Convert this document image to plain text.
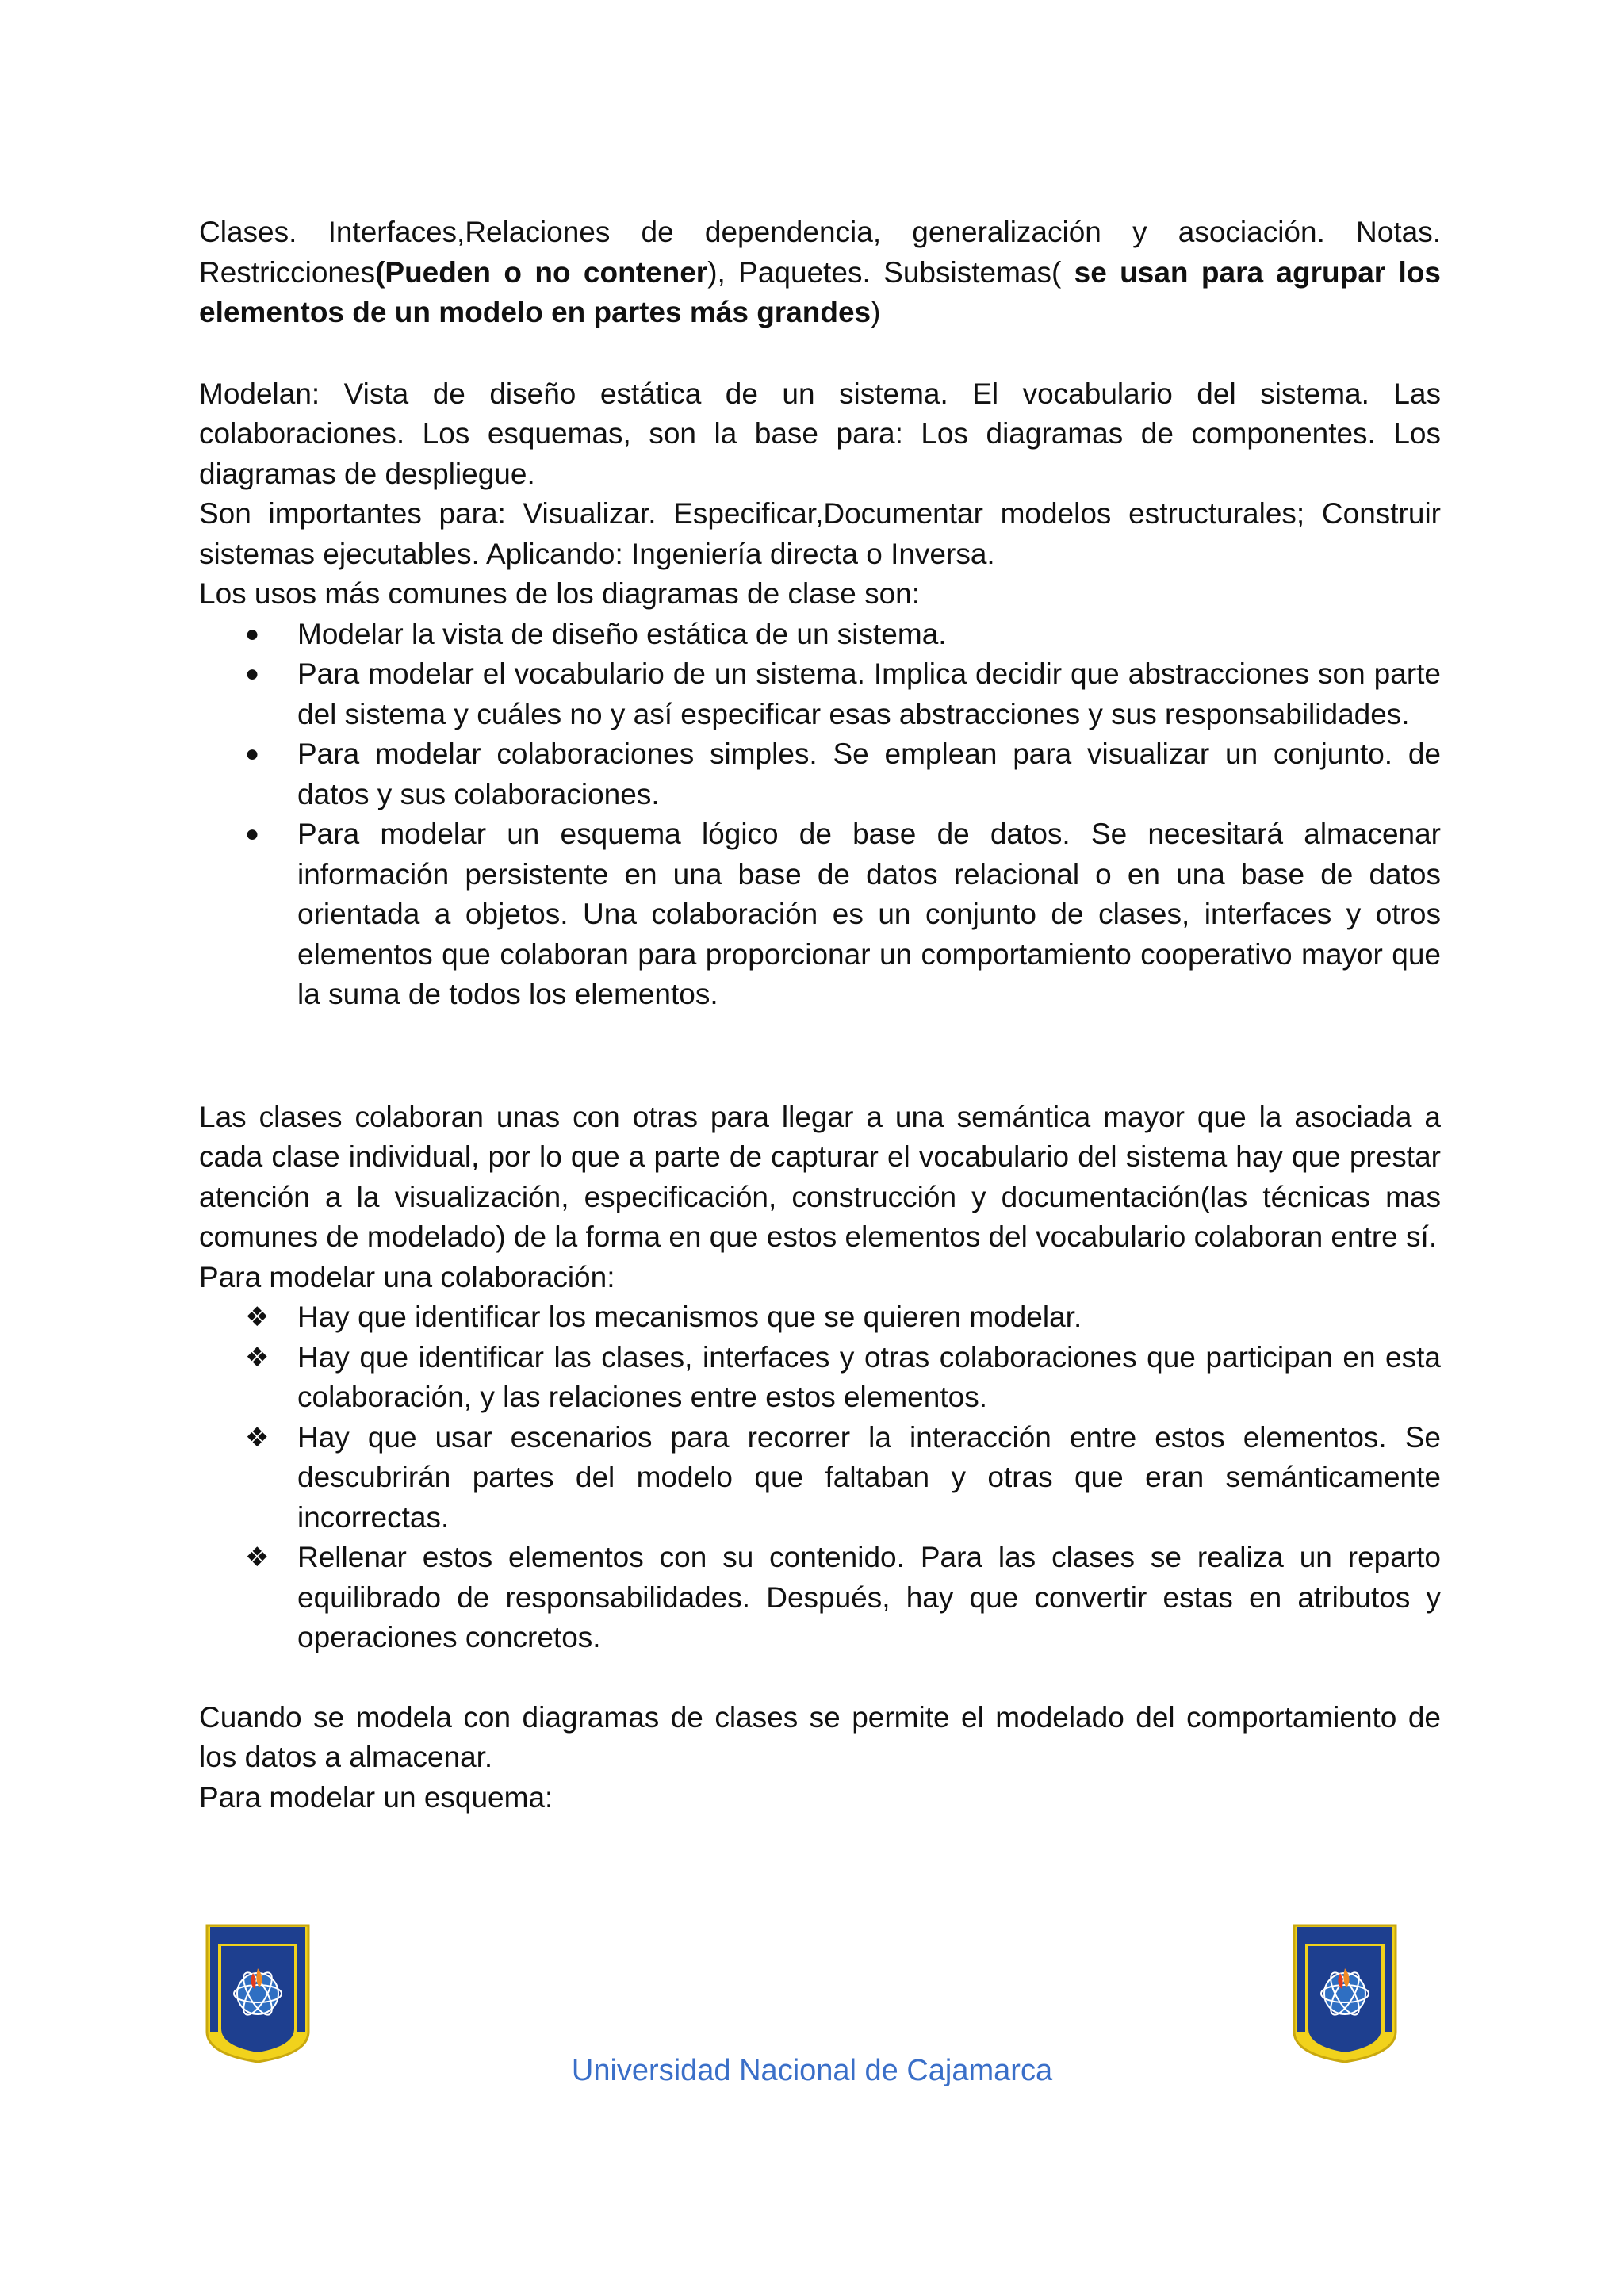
Clases. Interfaces,Relaciones de dependencia, generalización y asociación. Notas. Restricciones(Pueden o no contener), Paquetes. Subsistemas( se usan para agrupar los elementos de un modelo en partes más grandes)

Modelan: Vista de diseño estática de un sistema. El vocabulario del sistema. Las colaboraciones. Los esquemas, son la base para: Los diagramas de componentes. Los diagramas de despliegue.

Son importantes para: Visualizar. Especificar,Documentar modelos estructurales; Construir sistemas ejecutables. Aplicando: Ingeniería directa o Inversa.

Los usos más comunes de los diagramas de clase son:

●	Modelar la vista de diseño estática de un sistema.
●	Para modelar el vocabulario de un sistema. Implica decidir que abstracciones son parte del sistema y cuáles no y así especificar esas abstracciones y sus responsabilidades.
●	Para modelar colaboraciones simples. Se emplean para visualizar un conjunto. de datos y sus colaboraciones.
●	Para modelar un esquema lógico de base de datos. Se necesitará almacenar información persistente en una base de datos relacional o en una base de datos orientada a objetos. Una colaboración es un conjunto de clases, interfaces y otros elementos que colaboran para proporcionar un comportamiento cooperativo mayor que la suma de todos los elementos.

Las clases colaboran unas con otras para llegar a una semántica mayor que la asociada a cada clase individual, por lo que a parte de capturar el vocabulario del sistema hay que prestar atención a la visualización, especificación, construcción y documentación(las técnicas mas comunes de modelado) de la forma en que estos elementos del vocabulario colaboran entre sí.

Para modelar una colaboración:

❖ Hay que identificar los mecanismos que se quieren modelar.
❖ Hay que identificar las clases, interfaces y otras colaboraciones que participan en esta colaboración, y las relaciones entre estos elementos.
❖ Hay que usar escenarios para recorrer la interacción entre estos elementos. Se descubrirán partes del modelo que faltaban y otras que eran semánticamente incorrectas.
❖ Rellenar estos elementos con su contenido. Para las clases se realiza un reparto equilibrado de responsabilidades. Después, hay que convertir estas en atributos y operaciones concretos.

Cuando se modela con diagramas de clases se permite el modelado del comportamiento de los datos a almacenar.

Para modelar un esquema:

Universidad Nacional de Cajamarca
